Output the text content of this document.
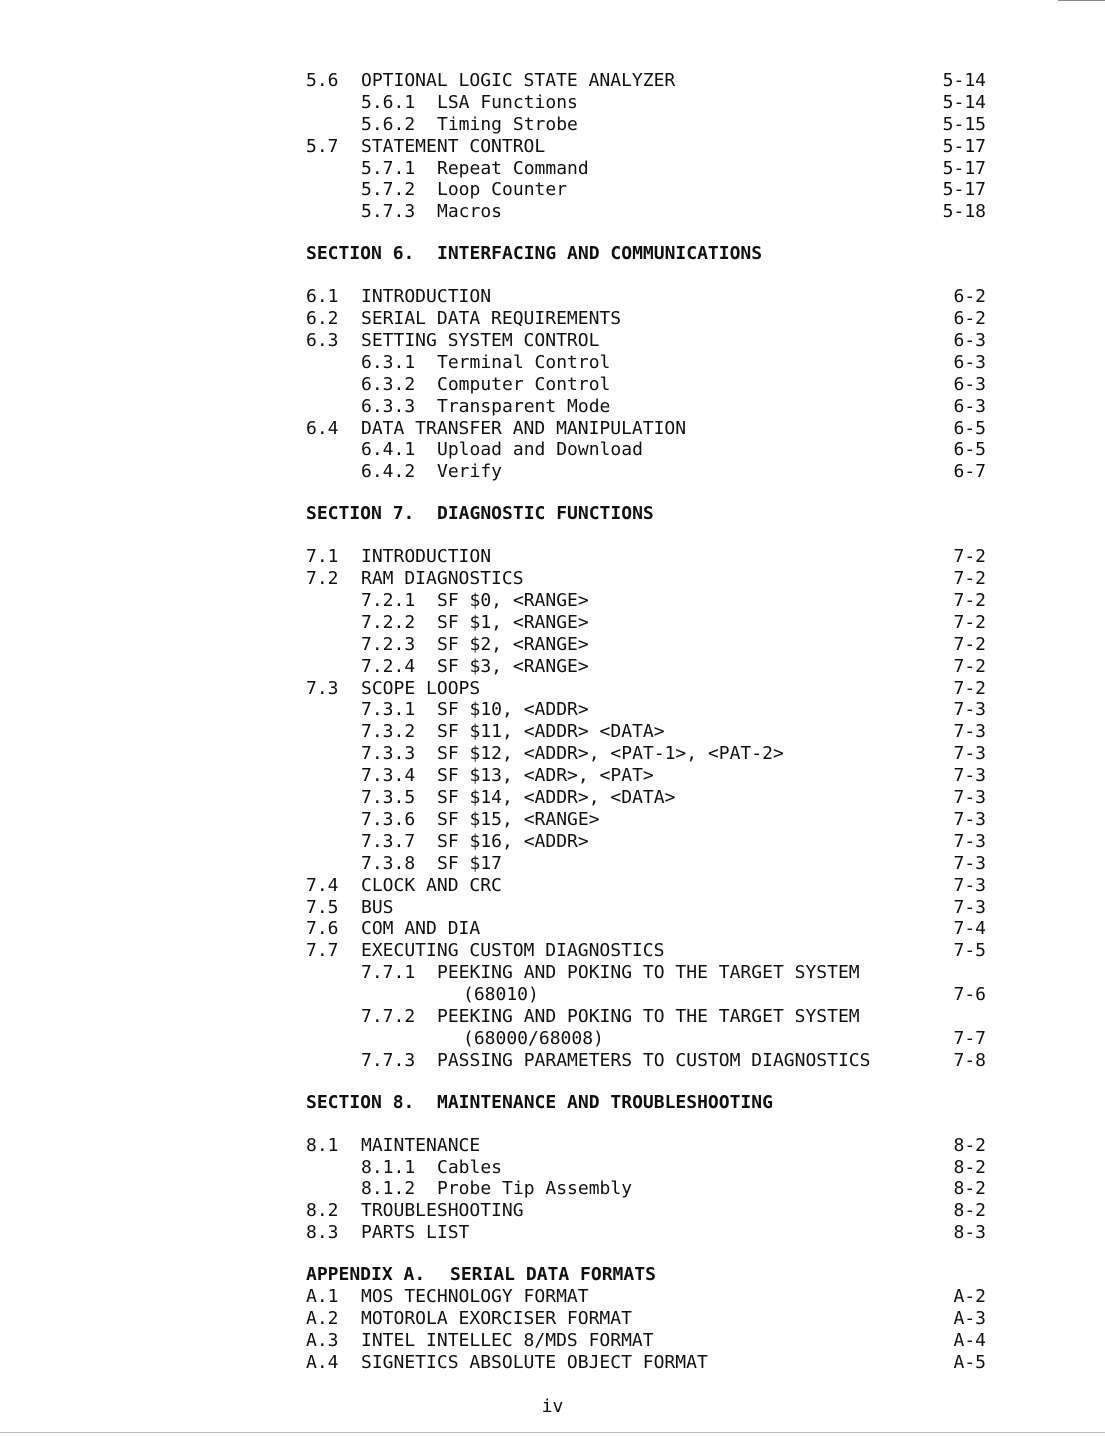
5.6 OPTIONAL LOGIC STATE ANALYZER	5-14
5.6.1 LSA Functions	5-14
5.6.2 Timing Strobe	5-15
5.7 STATEMENT CONTROL	5-17
5.7.1 Repeat Command	5-17
5.7.2 Loop Counter	5-17
5.7.3 Macros	5-18
SECTION 6. INTERFACING AND COMMUNICATIONS
6.1 INTRODUCTION	6-2
6.2 SERIAL DATA REQUIREMENTS	6-2
6.3 SETTING SYSTEM CONTROL	6-3
6.3.1 Terminal Control	6-3
6.3.2 Computer Control	6-3
6.3.3 Transparent Mode	6-3
6.4 DATA TRANSFER AND MANIPULATION	6-5
6.4.1 Upload and Download	6-5
6.4.2 Verify	6-7
SECTION 7. DIAGNOSTIC FUNCTIONS
7.1 INTRODUCTION	7-2
7.2 RAM DIAGNOSTICS	7-2
7.2.1 SF $0, <RANGE>	7-2
7.2.2 SF $1, <RANGE>	7-2
7.2.3 SF $2, <RANGE>	7-2
7.2.4 SF $3, <RANGE>	7-2
7.3 SCOPE LOOPS	7-2
7.3.1 SF $10, <ADDR>	7-3
7.3.2 SF $11, <ADDR> <DATA>	7-3
7.3.3 SF $12, <ADDR>, <PAT-1>, <PAT-2>	7-3
7.3.4 SF $13, <ADR>, <PAT>	7-3
7.3.5 SF $14, <ADDR>, <DATA>	7-3
7.3.6 SF $15, <RANGE>	7-3
7.3.7 SF $16, <ADDR>	7-3
7.3.8 SF $17	7-3
7.4 CLOCK AND CRC	7-3
7.5 BUS	7-3
7.6 COM AND DIA	7-4
7.7 EXECUTING CUSTOM DIAGNOSTICS	7-5
7.7.1 PEEKING AND POKING TO THE TARGET SYSTEM
(68010)	7-6
7.7.2 PEEKING AND POKING TO THE TARGET SYSTEM
(68000/68008)	7-7
7.7.3 PASSING PARAMETERS TO CUSTOM DIAGNOSTICS	7-8
SECTION 8. MAINTENANCE AND TROUBLESHOOTING
8.1 MAINTENANCE	8-2
8.1.1 Cables	8-2
8.1.2 Probe Tip Assembly	8-2
8.2 TROUBLESHOOTING	8-2
8.3 PARTS LIST	8-3
APPENDIX A. SERIAL DATA FORMATS
A.1 MOS TECHNOLOGY FORMAT	A-2
A.2 MOTOROLA EXORCISER FORMAT	A-3
A.3 INTEL INTELLEC 8/MDS FORMAT	A-4
A.4 SIGNETICS ABSOLUTE OBJECT FORMAT	A-5
iv
